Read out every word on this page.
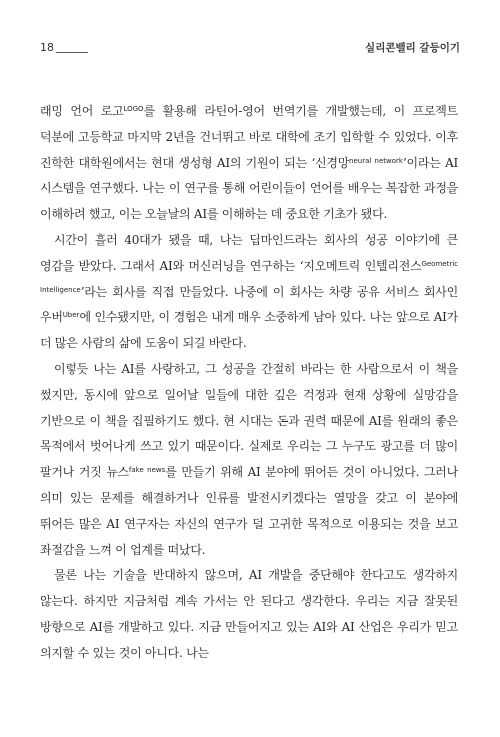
18	실리콘밸리 갈등이기

래밍 언어 로고$^{LOGO}$를 활용해 라틴어-영어 번역기를 개발했는데, 이 프로젝트 덕분에 고등학교 마지막 2년을 건너뛰고 바로 대학에 조기 입학할 수 있었다. 이후 진학한 대학원에서는 현대 생성형 AI의 기원이 되는 ‘신경망$^{neural network}$’이라는 AI 시스템을 연구했다. 나는 이 연구를 통해 어린이들이 언어를 배우는 복잡한 과정을 이해하려 했고, 이는 오늘날의 AI를 이해하는 데 중요한 기초가 됐다.

시간이 흘러 40대가 됐을 때, 나는 딥마인드라는 회사의 성공 이야기에 큰 영감을 받았다. 그래서 AI와 머신러닝을 연구하는 ‘지오메트릭 인텔리전스$^{Geometric Intelligence}$’라는 회사를 직접 만들었다. 나중에 이 회사는 차량 공유 서비스 회사인 우버$^{Uber}$에 인수됐지만, 이 경험은 내게 매우 소중하게 남아 있다. 나는 앞으로 AI가 더 많은 사람의 삶에 도움이 되길 바란다.

이렇듯 나는 AI를 사랑하고, 그 성공을 간절히 바라는 한 사람으로서 이 책을 썼지만, 동시에 앞으로 일어날 일들에 대한 깊은 걱정과 현재 상황에 실망감을 기반으로 이 책을 집필하기도 했다. 현 시대는 돈과 권력 때문에 AI를 원래의 좋은 목적에서 벗어나게 쓰고 있기 때문이다. 실제로 우리는 그 누구도 광고를 더 많이 팔거나 거짓 뉴스$^{fake news}$를 만들기 위해 AI 분야에 뛰어든 것이 아니었다. 그러나 의미 있는 문제를 해결하거나 인류를 발전시키겠다는 열망을 갖고 이 분야에 뛰어든 많은 AI 연구자는 자신의 연구가 덜 고귀한 목적으로 이용되는 것을 보고 좌절감을 느껴 이 업계를 떠났다.

물론 나는 기술을 반대하지 않으며, AI 개발을 중단해야 한다고도 생각하지 않는다. 하지만 지금처럼 계속 가서는 안 된다고 생각한다. 우리는 지금 잘못된 방향으로 AI를 개발하고 있다. 지금 만들어지고 있는 AI와 AI 산업은 우리가 믿고 의지할 수 있는 것이 아니다. 나는
